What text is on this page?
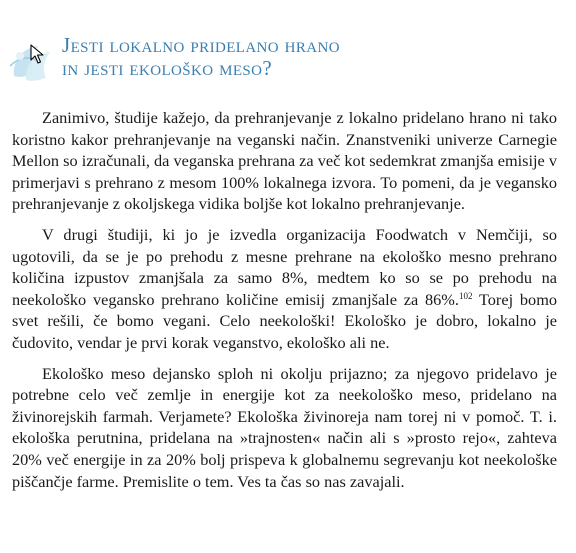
Jesti lokalno pridelano hrano
in jesti ekološko meso?

Zanimivo, študije kažejo, da prehranjevanje z lokalno pridelano hrano ni tako koristno kakor prehranjevanje na veganski način. Znanstveniki univerze Carnegie Mellon so izračunali, da veganska prehrana za več kot sedemkrat zmanjša emisije v primerjavi s prehrano z mesom 100% lokalnega izvora. To pomeni, da je vegansko prehranjevanje z okoljskega vidika boljše kot lokalno prehranjevanje.

V drugi študiji, ki jo je izvedla organizacija Foodwatch v Nemčiji, so ugotovili, da se je po prehodu z mesne prehrane na ekološko mesno prehrano količina izpustov zmanjšala za samo 8%, medtem ko so se po prehodu na neekološko vegansko prehrano količine emisij zmanjšale za 86%.$^{102}$ Torej bomo svet rešili, če bomo vegani. Celo neekološki! Ekološko je dobro, lokalno je čudovito, vendar je prvi korak veganstvo, ekološko ali ne.

Ekološko meso dejansko sploh ni okolju prijazno; za njegovo pridelavo je potrebne celo več zemlje in energije kot za neekološko meso, pridelano na živinorejskih farmah. Verjamete? Ekološka živinoreja nam torej ni v pomoč. T. i. ekološka perutnina, pridelana na »trajnosten« način ali s »prosto rejo«, zahteva 20% več energije in za 20% bolj prispeva k globalnemu segrevanju kot neekološke piščančje farme. Premislite o tem. Ves ta čas so nas zavajali.
